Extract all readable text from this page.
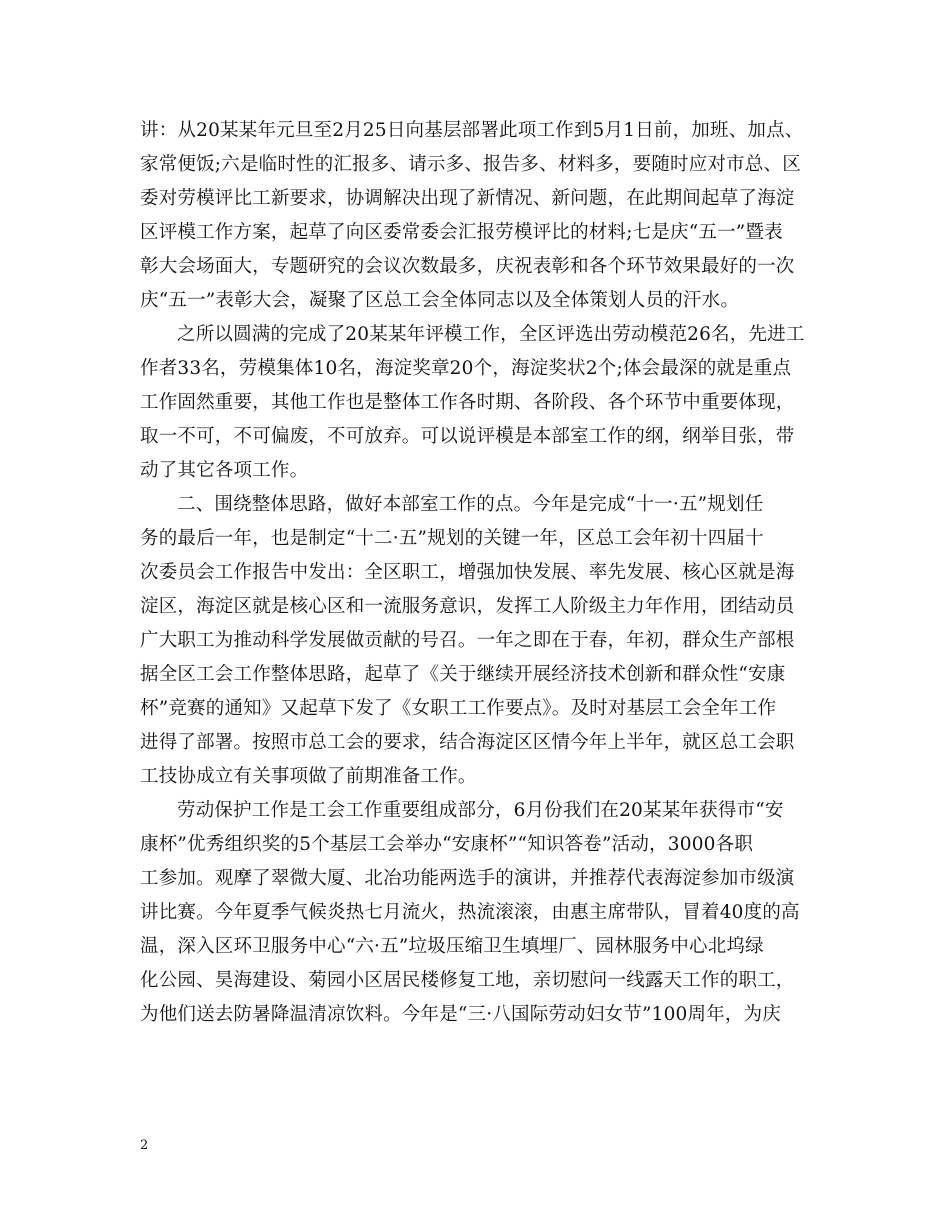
讲：从20某某年元旦至2月25日向基层部署此项工作到5月1日前，加班、加点、
家常便饭;六是临时性的汇报多、请示多、报告多、材料多，要随时应对市总、区
委对劳模评比工新要求，协调解决出现了新情况、新问题，在此期间起草了海淀
区评模工作方案，起草了向区委常委会汇报劳模评比的材料;七是庆“五一”暨表
彰大会场面大，专题研究的会议次数最多，庆祝表彰和各个环节效果最好的一次
庆“五一”表彰大会，凝聚了区总工会全体同志以及全体策划人员的汗水。
之所以圆满的完成了20某某年评模工作，全区评选出劳动模范26名，先进工
作者33名，劳模集体10名，海淀奖章20个，海淀奖状2个;体会最深的就是重点
工作固然重要，其他工作也是整体工作各时期、各阶段、各个环节中重要体现，
取一不可，不可偏废，不可放弃。可以说评模是本部室工作的纲，纲举目张，带
动了其它各项工作。
二、围绕整体思路，做好本部室工作的点。今年是完成“十一·五”规划任
务的最后一年，也是制定“十二·五”规划的关键一年，区总工会年初十四届十
次委员会工作报告中发出：全区职工，增强加快发展、率先发展、核心区就是海
淀区，海淀区就是核心区和一流服务意识，发挥工人阶级主力年作用，团结动员
广大职工为推动科学发展做贡献的号召。一年之即在于春，年初，群众生产部根
据全区工会工作整体思路，起草了《关于继续开展经济技术创新和群众性“安康
杯”竞赛的通知》又起草下发了《女职工工作要点》。及时对基层工会全年工作
进得了部署。按照市总工会的要求，结合海淀区区情今年上半年，就区总工会职
工技协成立有关事项做了前期准备工作。
劳动保护工作是工会工作重要组成部分，6月份我们在20某某年获得市“安
康杯”优秀组织奖的5个基层工会举办“安康杯”“知识答卷”活动，3000各职
工参加。观摩了翠微大厦、北冶功能两选手的演讲，并推荐代表海淀参加市级演
讲比赛。今年夏季气候炎热七月流火，热流滚滚，由惠主席带队，冒着40度的高
温，深入区环卫服务中心“六·五”垃圾压缩卫生填埋厂、园林服务中心北坞绿
化公园、昊海建设、菊园小区居民楼修复工地，亲切慰问一线露天工作的职工，
为他们送去防暑降温清凉饮料。今年是“三·八国际劳动妇女节”100周年，为庆
2
